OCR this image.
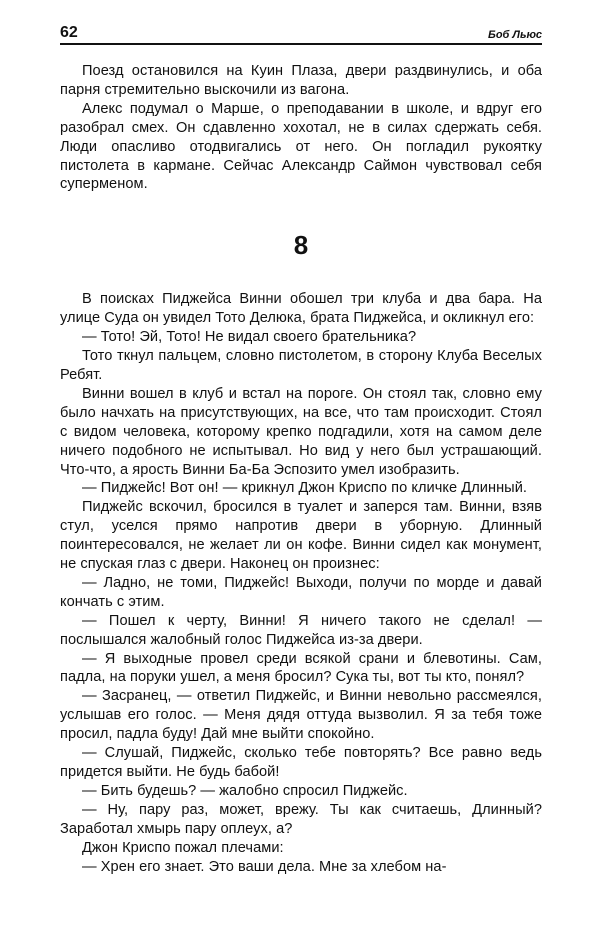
62	Боб Льюс

Поезд остановился на Куин Плаза, двери раздвинулись, и оба парня стремительно выскочили из вагона.

Алекс подумал о Марше, о преподавании в школе, и вдруг его разобрал смех. Он сдавленно хохотал, не в силах сдержать себя. Люди опасливо отодвигались от него. Он погладил рукоятку пистолета в кармане. Сейчас Александр Саймон чувствовал себя суперменом.

8

В поисках Пиджейса Винни обошел три клуба и два бара. На улице Суда он увидел Тото Делюка, брата Пиджейса, и окликнул его:

— Тото! Эй, Тото! Не видал своего брательника?

Тото ткнул пальцем, словно пистолетом, в сторону Клуба Веселых Ребят.

Винни вошел в клуб и встал на пороге. Он стоял так, словно ему было начхать на присутствующих, на все, что там происходит. Стоял с видом человека, которому крепко подгадили, хотя на самом деле ничего подобного не испытывал. Но вид у него был устрашающий. Что-что, а ярость Винни Ба-Ба Эспозито умел изобразить.

— Пиджейс! Вот он! — крикнул Джон Криспо по кличке Длинный.

Пиджейс вскочил, бросился в туалет и заперся там. Винни, взяв стул, уселся прямо напротив двери в уборную. Длинный поинтересовался, не желает ли он кофе. Винни сидел как монумент, не спуская глаз с двери. Наконец он произнес:

— Ладно, не томи, Пиджейс! Выходи, получи по морде и давай кончать с этим.

— Пошел к черту, Винни! Я ничего такого не сделал! — послышался жалобный голос Пиджейса из-за двери.

— Я выходные провел среди всякой срани и блевотины. Сам, падла, на поруки ушел, а меня бросил? Сука ты, вот ты кто, понял?

— Засранец, — ответил Пиджейс, и Винни невольно рассмеялся, услышав его голос. — Меня дядя оттуда вызволил. Я за тебя тоже просил, падла буду! Дай мне выйти спокойно.

— Слушай, Пиджейс, сколько тебе повторять? Все равно ведь придется выйти. Не будь бабой!

— Бить будешь? — жалобно спросил Пиджейс.

— Ну, пару раз, может, врежу. Ты как считаешь, Длинный? Заработал хмырь пару оплеух, а?

Джон Криспо пожал плечами:

— Хрен его знает. Это ваши дела. Мне за хлебом на-
